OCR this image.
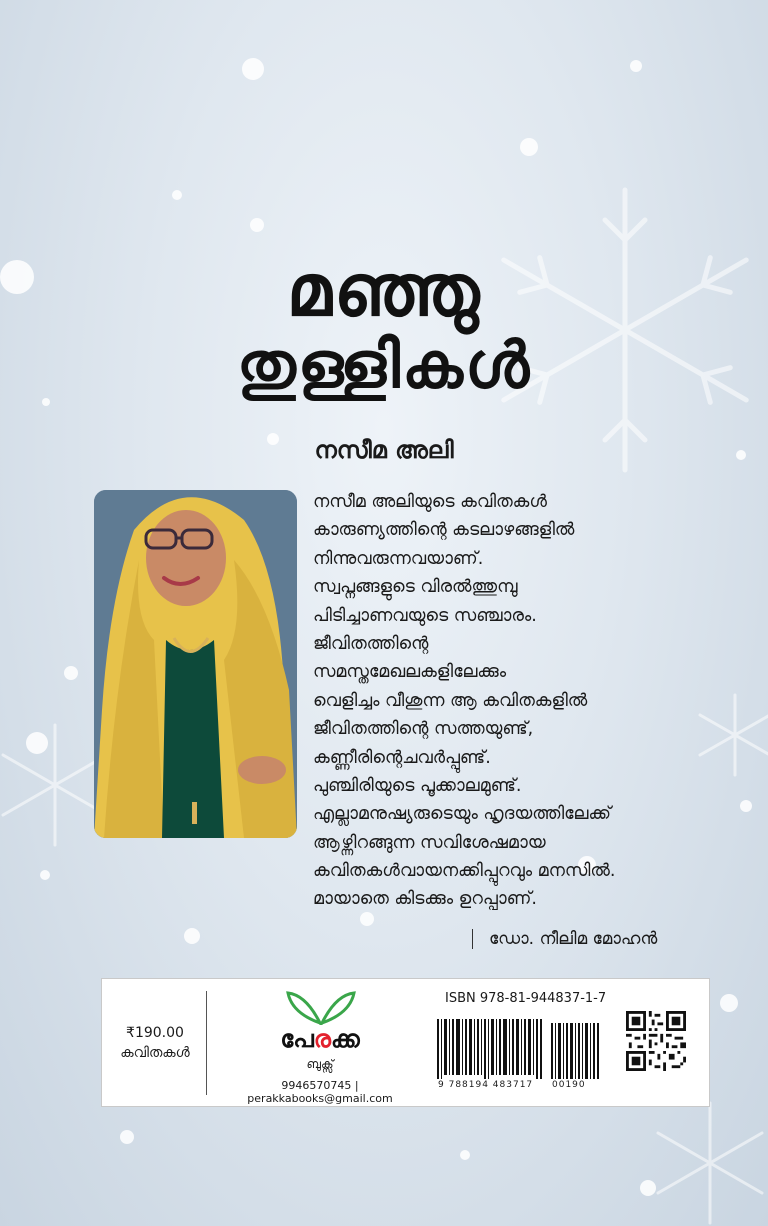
മഞ്ഞു
തുള്ളികൾ
നസീമ അലി
നസീമ അലിയുടെ കവിതകൾ
കാരുണ്യത്തിന്റെ കടലാഴങ്ങളിൽ
നിന്നുവരുന്നവയാണ്.
സ്വപ്നങ്ങളുടെ വിരൽത്തുമ്പു
പിടിച്ചാണവയുടെ സഞ്ചാരം.
ജീവിതത്തിന്റെ
സമസ്തമേഖലകളിലേക്കും
വെളിച്ചം വീശുന്ന ആ കവിതകളിൽ
ജീവിതത്തിന്റെ സത്തയുണ്ട്,
കണ്ണീരിന്റെചവർപ്പുണ്ട്.
പുഞ്ചിരിയുടെ പൂക്കാലമുണ്ട്.
എല്ലാമനുഷ്യരുടെയും ഹൃദയത്തിലേക്ക്
ആഴ്ന്നിറങ്ങുന്ന സവിശേഷമായ
കവിതകൾവായനക്കിപ്പുറവും മനസിൽ.
മായാതെ കിടക്കും ഉറപ്പാണ്.
ഡോ. നീലിമ മോഹൻ
₹190.00
കവിതകൾ	പേരക്ക
ബുക്സ്
9946570745 | perakkabooks@gmail.com
ISBN 978-81-944837-1-7
9 788194 483717 00190
